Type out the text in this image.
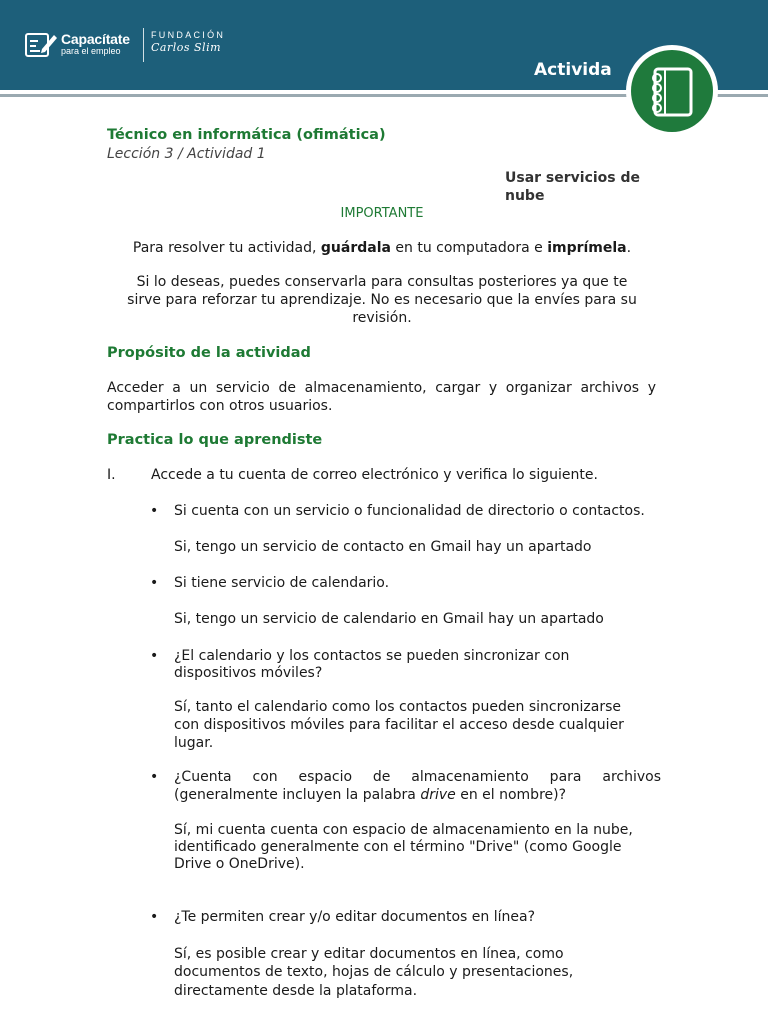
Capacítate
para el empleo
FUNDACIÓN
Carlos Slim
Activida

Técnico en informática (ofimática)

Lección 3 / Actividad 1

Usar servicios de

nube

IMPORTANTE

Para resolver tu actividad, guárdala en tu computadora e imprímela.

Si lo deseas, puedes conservarla para consultas posteriores ya que te

sirve para reforzar tu aprendizaje. No es necesario que la envíes para su

revisión.

Propósito de la actividad

Acceder a un servicio de almacenamiento, cargar y organizar archivos y

compartirlos con otros usuarios.

Practica lo que aprendiste

I.	Accede a tu cuenta de correo electrónico y verifica lo siguiente.

• Si cuenta con un servicio o funcionalidad de directorio o contactos.

Si, tengo un servicio de contacto en Gmail hay un apartado

• Si tiene servicio de calendario.

Si, tengo un servicio de calendario en Gmail hay un apartado

• ¿El calendario y los contactos se pueden sincronizar con

dispositivos móviles?

Sí, tanto el calendario como los contactos pueden sincronizarse

con dispositivos móviles para facilitar el acceso desde cualquier

lugar.

• ¿Cuenta con espacio de almacenamiento para archivos

(generalmente incluyen la palabra drive en el nombre)?

Sí, mi cuenta cuenta con espacio de almacenamiento en la nube,

identificado generalmente con el término "Drive" (como Google

Drive o OneDrive).

• ¿Te permiten crear y/o editar documentos en línea?

Sí, es posible crear y editar documentos en línea, como

documentos de texto, hojas de cálculo y presentaciones,

directamente desde la plataforma.
